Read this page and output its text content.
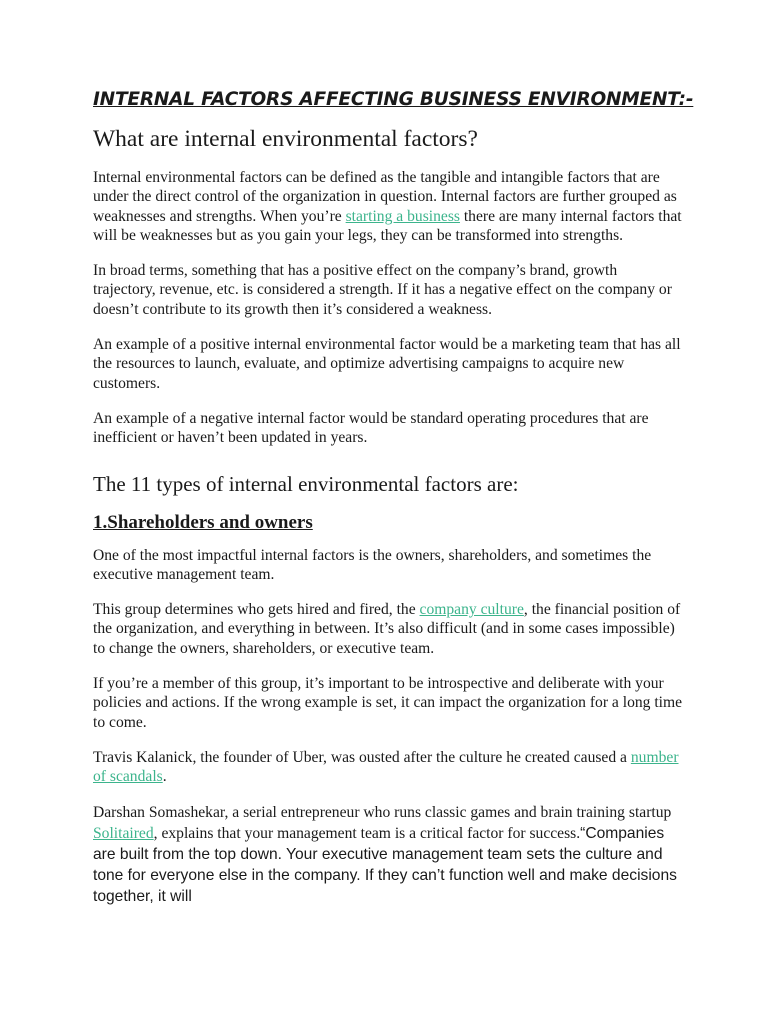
INTERNAL FACTORS AFFECTING BUSINESS ENVIRONMENT:-
What are internal environmental factors?

Internal environmental factors can be defined as the tangible and intangible factors that are under the direct control of the organization in question. Internal factors are further grouped as weaknesses and strengths. When you’re starting a business there are many internal factors that will be weaknesses but as you gain your legs, they can be transformed into strengths.

In broad terms, something that has a positive effect on the company’s brand, growth trajectory, revenue, etc. is considered a strength. If it has a negative effect on the company or doesn’t contribute to its growth then it’s considered a weakness.

An example of a positive internal environmental factor would be a marketing team that has all the resources to launch, evaluate, and optimize advertising campaigns to acquire new customers.

An example of a negative internal factor would be standard operating procedures that are inefficient or haven’t been updated in years.

The 11 types of internal environmental factors are:
1.Shareholders and owners

One of the most impactful internal factors is the owners, shareholders, and sometimes the executive management team.

This group determines who gets hired and fired, the company culture, the financial position of the organization, and everything in between. It’s also difficult (and in some cases impossible) to change the owners, shareholders, or executive team.

If you’re a member of this group, it’s important to be introspective and deliberate with your policies and actions. If the wrong example is set, it can impact the organization for a long time to come.

Travis Kalanick, the founder of Uber, was ousted after the culture he created caused a number of scandals.

Darshan Somashekar, a serial entrepreneur who runs classic games and brain training startup Solitaired, explains that your management team is a critical factor for success.“Companies are built from the top down. Your executive management team sets the culture and tone for everyone else in the company. If they can’t function well and make decisions together, it will
